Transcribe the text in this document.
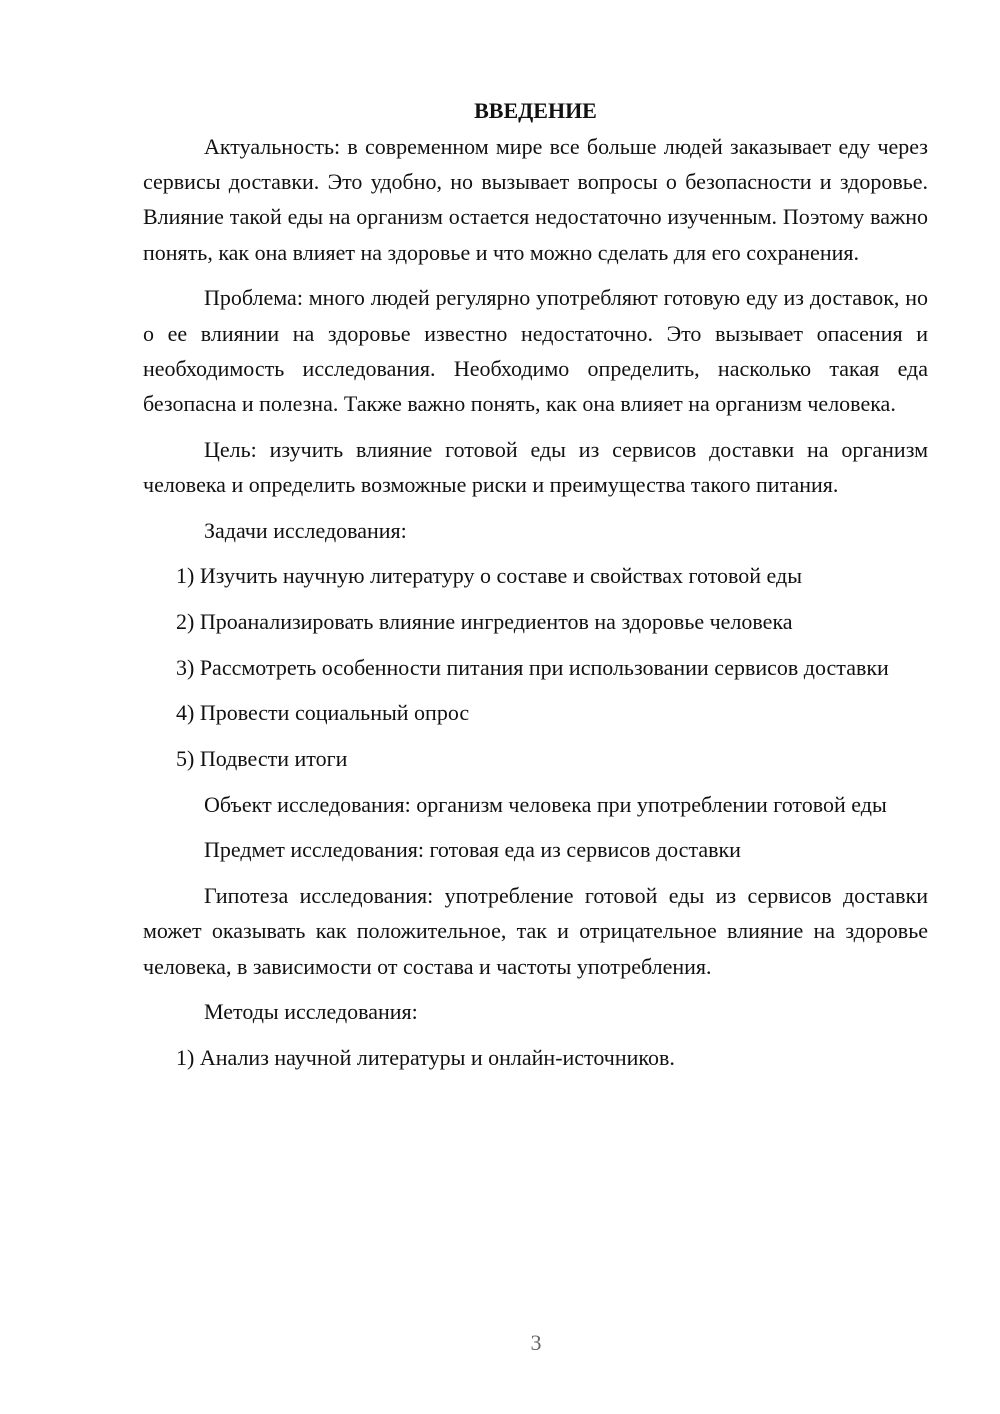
ВВЕДЕНИЕ

Актуальность: в современном мире все больше людей заказывает еду через сервисы доставки. Это удобно, но вызывает вопросы о безопасности и здоровье. Влияние такой еды на организм остается недостаточно изученным. Поэтому важно понять, как она влияет на здоровье и что можно сделать для его сохранения.

Проблема: много людей регулярно употребляют готовую еду из доставок, но о ее влиянии на здоровье известно недостаточно. Это вызывает опасения и необходимость исследования. Необходимо определить, насколько такая еда безопасна и полезна. Также важно понять, как она влияет на организм человека.

Цель: изучить влияние готовой еды из сервисов доставки на организм человека и определить возможные риски и преимущества такого питания.

Задачи исследования:

1) Изучить научную литературу о составе и свойствах готовой еды

2) Проанализировать влияние ингредиентов на здоровье человека

3) Рассмотреть особенности питания при использовании сервисов доставки

4) Провести социальный опрос

5) Подвести итоги

Объект исследования: организм человека при употреблении готовой еды

Предмет исследования: готовая еда из сервисов доставки

Гипотеза исследования: употребление готовой еды из сервисов доставки может оказывать как положительное, так и отрицательное влияние на здоровье человека, в зависимости от состава и частоты употребления.

Методы исследования:

1) Анализ научной литературы и онлайн-источников.

3
